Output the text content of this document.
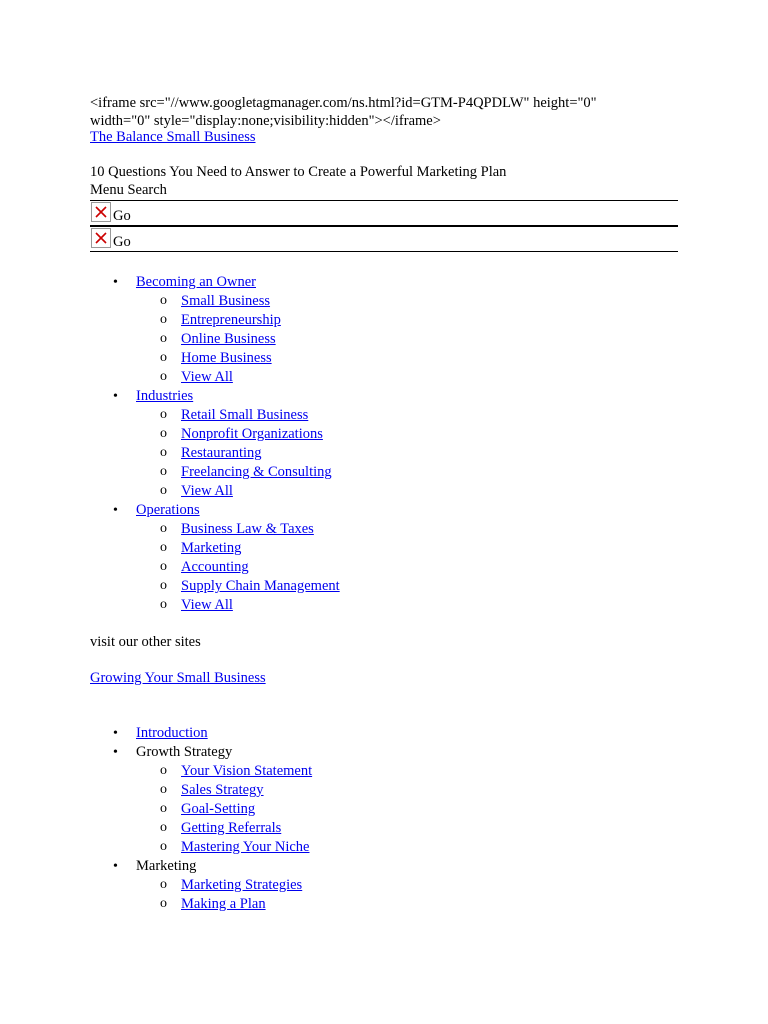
<iframe src="//www.googletagmanager.com/ns.html?id=GTM-P4QPDLW" height="0" width="0" style="display:none;visibility:hidden"></iframe>
The Balance Small Business
10 Questions You Need to Answer to Create a Powerful Marketing Plan
Menu Search
Go
Go
• Becoming an Owner
o Small Business
o Entrepreneurship
o Online Business
o Home Business
o View All
• Industries
o Retail Small Business
o Nonprofit Organizations
o Restauranting
o Freelancing & Consulting
o View All
• Operations
o Business Law & Taxes
o Marketing
o Accounting
o Supply Chain Management
o View All
visit our other sites
Growing Your Small Business
• Introduction
• Growth Strategy
o Your Vision Statement
o Sales Strategy
o Goal-Setting
o Getting Referrals
o Mastering Your Niche
• Marketing
o Marketing Strategies
o Making a Plan
